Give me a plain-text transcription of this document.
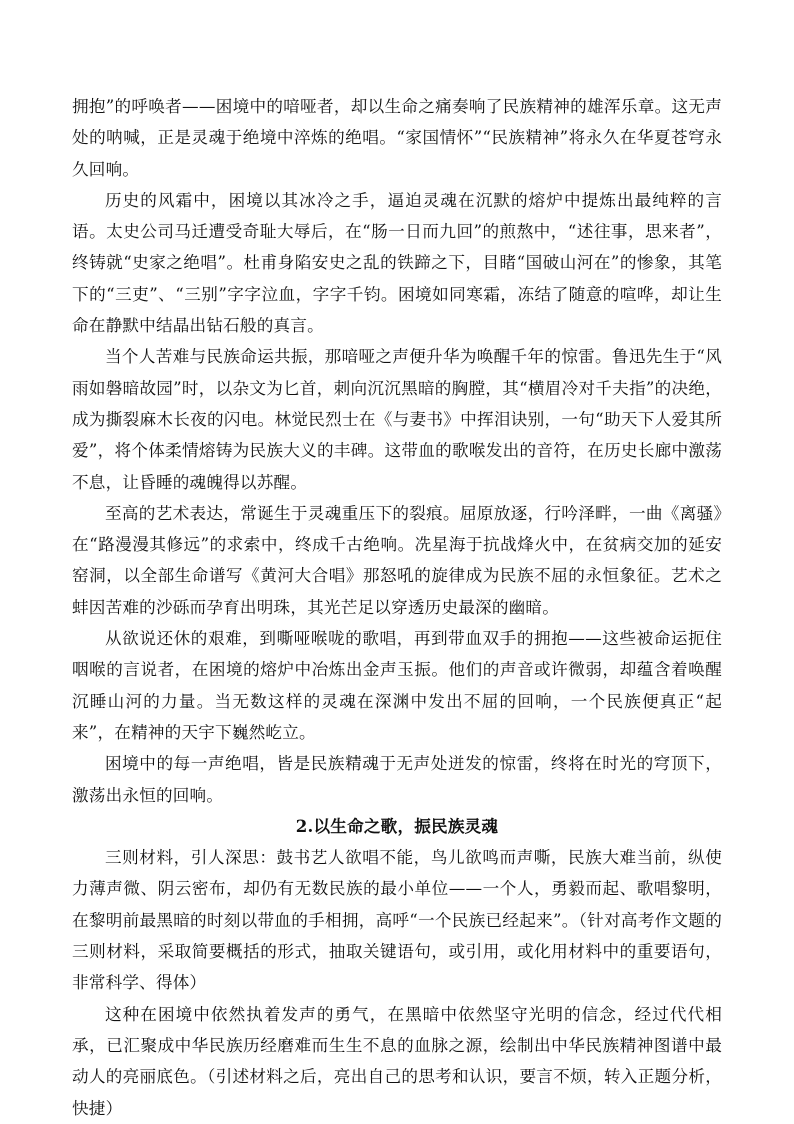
拥抱”的呼唤者——困境中的喑哑者，却以生命之痛奏响了民族精神的雄浑乐章。这无声处的呐喊，正是灵魂于绝境中淬炼的绝唱。“家国情怀”“民族精神”将永久在华夏苍穹永久回响。

历史的风霜中，困境以其冰冷之手，逼迫灵魂在沉默的熔炉中提炼出最纯粹的言语。太史公司马迁遭受奇耻大辱后，在“肠一日而九回”的煎熬中，“述往事，思来者”，终铸就“史家之绝唱”。杜甫身陷安史之乱的铁蹄之下，目睹“国破山河在”的惨象，其笔下的“三吏”、“三别”字字泣血，字字千钧。困境如同寒霜，冻结了随意的喧哗，却让生命在静默中结晶出钻石般的真言。

当个人苦难与民族命运共振，那喑哑之声便升华为唤醒千年的惊雷。鲁迅先生于“风雨如磐暗故园”时，以杂文为匕首，刺向沉沉黑暗的胸膛，其“横眉冷对千夫指”的决绝，成为撕裂麻木长夜的闪电。林觉民烈士在《与妻书》中挥泪诀别，一句“助天下人爱其所爱”，将个体柔情熔铸为民族大义的丰碑。这带血的歌喉发出的音符，在历史长廊中激荡不息，让昏睡的魂魄得以苏醒。

至高的艺术表达，常诞生于灵魂重压下的裂痕。屈原放逐，行吟泽畔，一曲《离骚》在“路漫漫其修远”的求索中，终成千古绝响。冼星海于抗战烽火中，在贫病交加的延安窑洞，以全部生命谱写《黄河大合唱》那怒吼的旋律成为民族不屈的永恒象征。艺术之蚌因苦难的沙砾而孕育出明珠，其光芒足以穿透历史最深的幽暗。

从欲说还休的艰难，到嘶哑喉咙的歌唱，再到带血双手的拥抱——这些被命运扼住咽喉的言说者，在困境的熔炉中冶炼出金声玉振。他们的声音或许微弱，却蕴含着唤醒沉睡山河的力量。当无数这样的灵魂在深渊中发出不屈的回响，一个民族便真正“起来”，在精神的天宇下巍然屹立。

困境中的每一声绝唱，皆是民族精魂于无声处迸发的惊雷，终将在时光的穹顶下，激荡出永恒的回响。

2.以生命之歌，振民族灵魂

三则材料，引人深思：鼓书艺人欲唱不能，鸟儿欲鸣而声嘶，民族大难当前，纵使力薄声微、阴云密布，却仍有无数民族的最小单位——一个人，勇毅而起、歌唱黎明，在黎明前最黑暗的时刻以带血的手相拥，高呼“一个民族已经起来”。（针对高考作文题的三则材料，采取简要概括的形式，抽取关键语句，或引用，或化用材料中的重要语句，非常科学、得体）

这种在困境中依然执着发声的勇气，在黑暗中依然坚守光明的信念，经过代代相承，已汇聚成中华民族历经磨难而生生不息的血脉之源，绘制出中华民族精神图谱中最动人的亮丽底色。（引述材料之后，亮出自己的思考和认识，要言不烦，转入正题分析，快捷）
